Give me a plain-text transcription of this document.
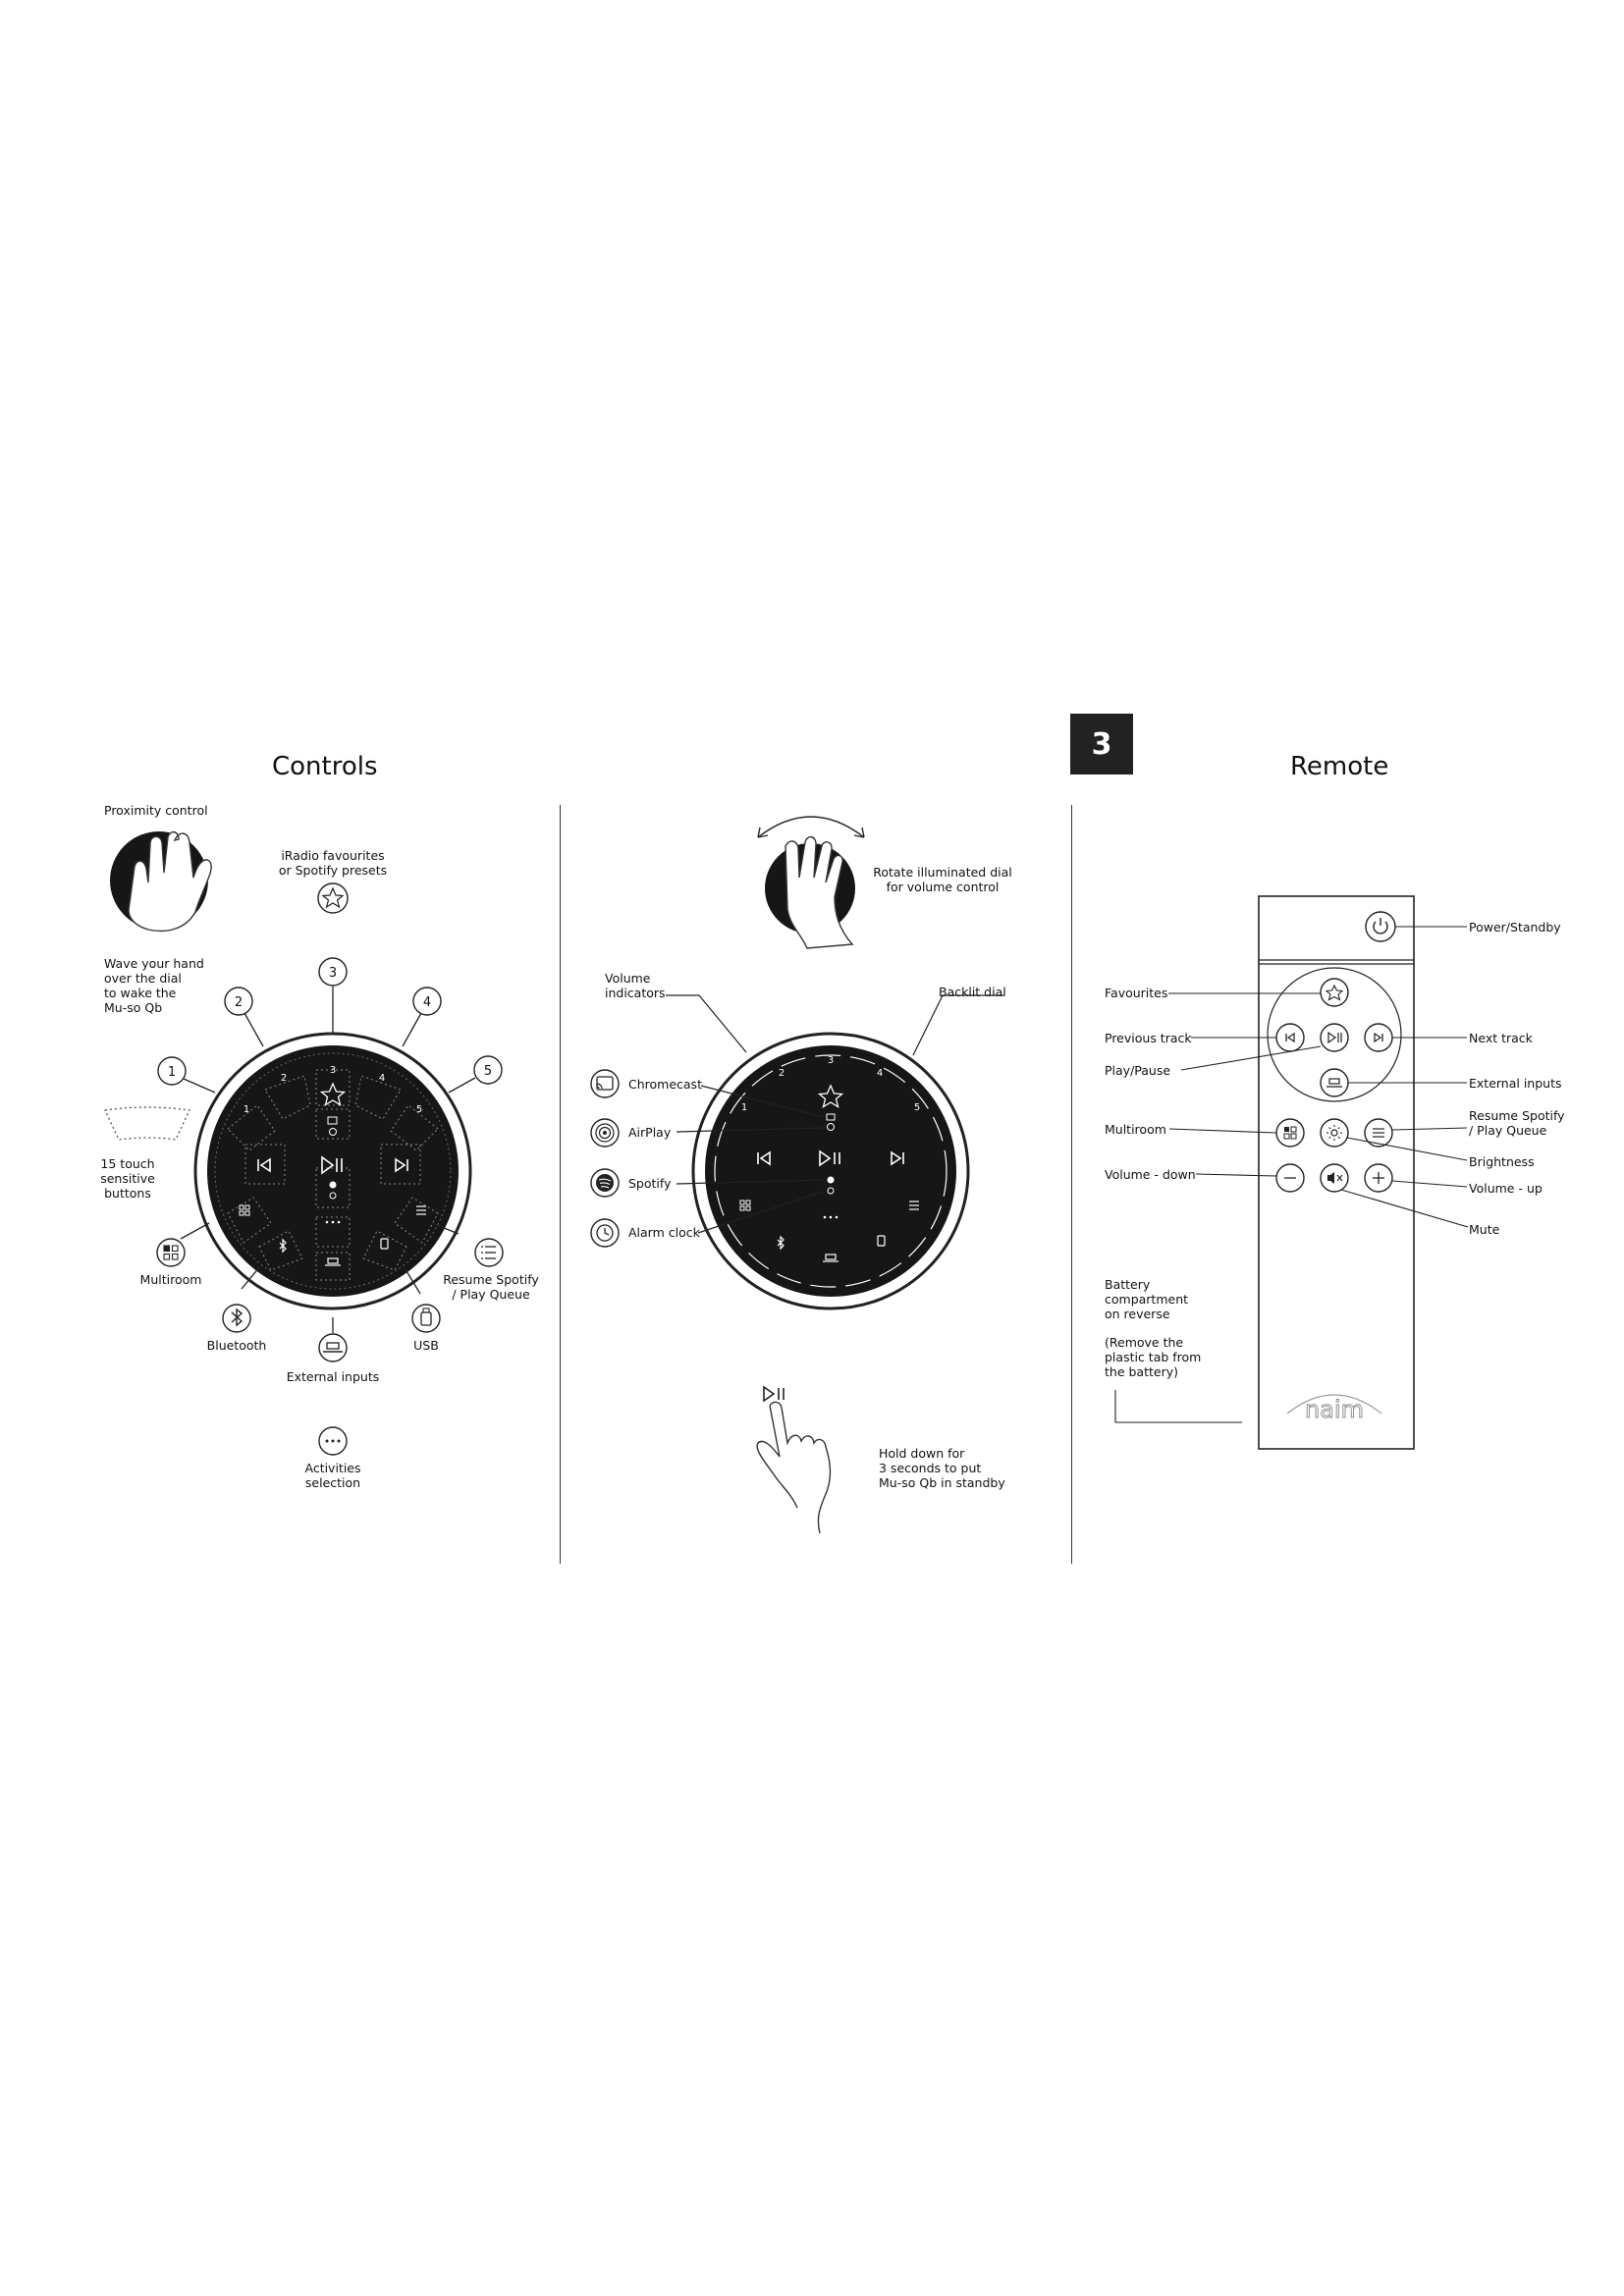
3
Controls	Remote
3
2	4
1	5
3
2	4
1	5
Proximity control
iRadio favourites
or Spotify presets
Wave your hand
over the dial
to wake the
Mu-so Qb
15 touch
sensitive
buttons
Multiroom	Resume Spotify
/ Play Queue
Bluetooth	USB
External inputs
Activities
selection
3
2	4
1	5
Rotate illuminated dial
for volume control
Volume
indicators	Backlit dial
Chromecast
AirPlay
Spotify
Alarm clock
Hold down for
3 seconds to put
Mu-so Qb in standby
naim
Power/Standby
Favourites
Previous track	Next track
Play/Pause
External inputs
Multiroom
Resume Spotify
/ Play Queue
Brightness
Volume - down
Volume - up
Mute
Battery
compartment
on reverse
(Remove the
plastic tab from
the battery)
